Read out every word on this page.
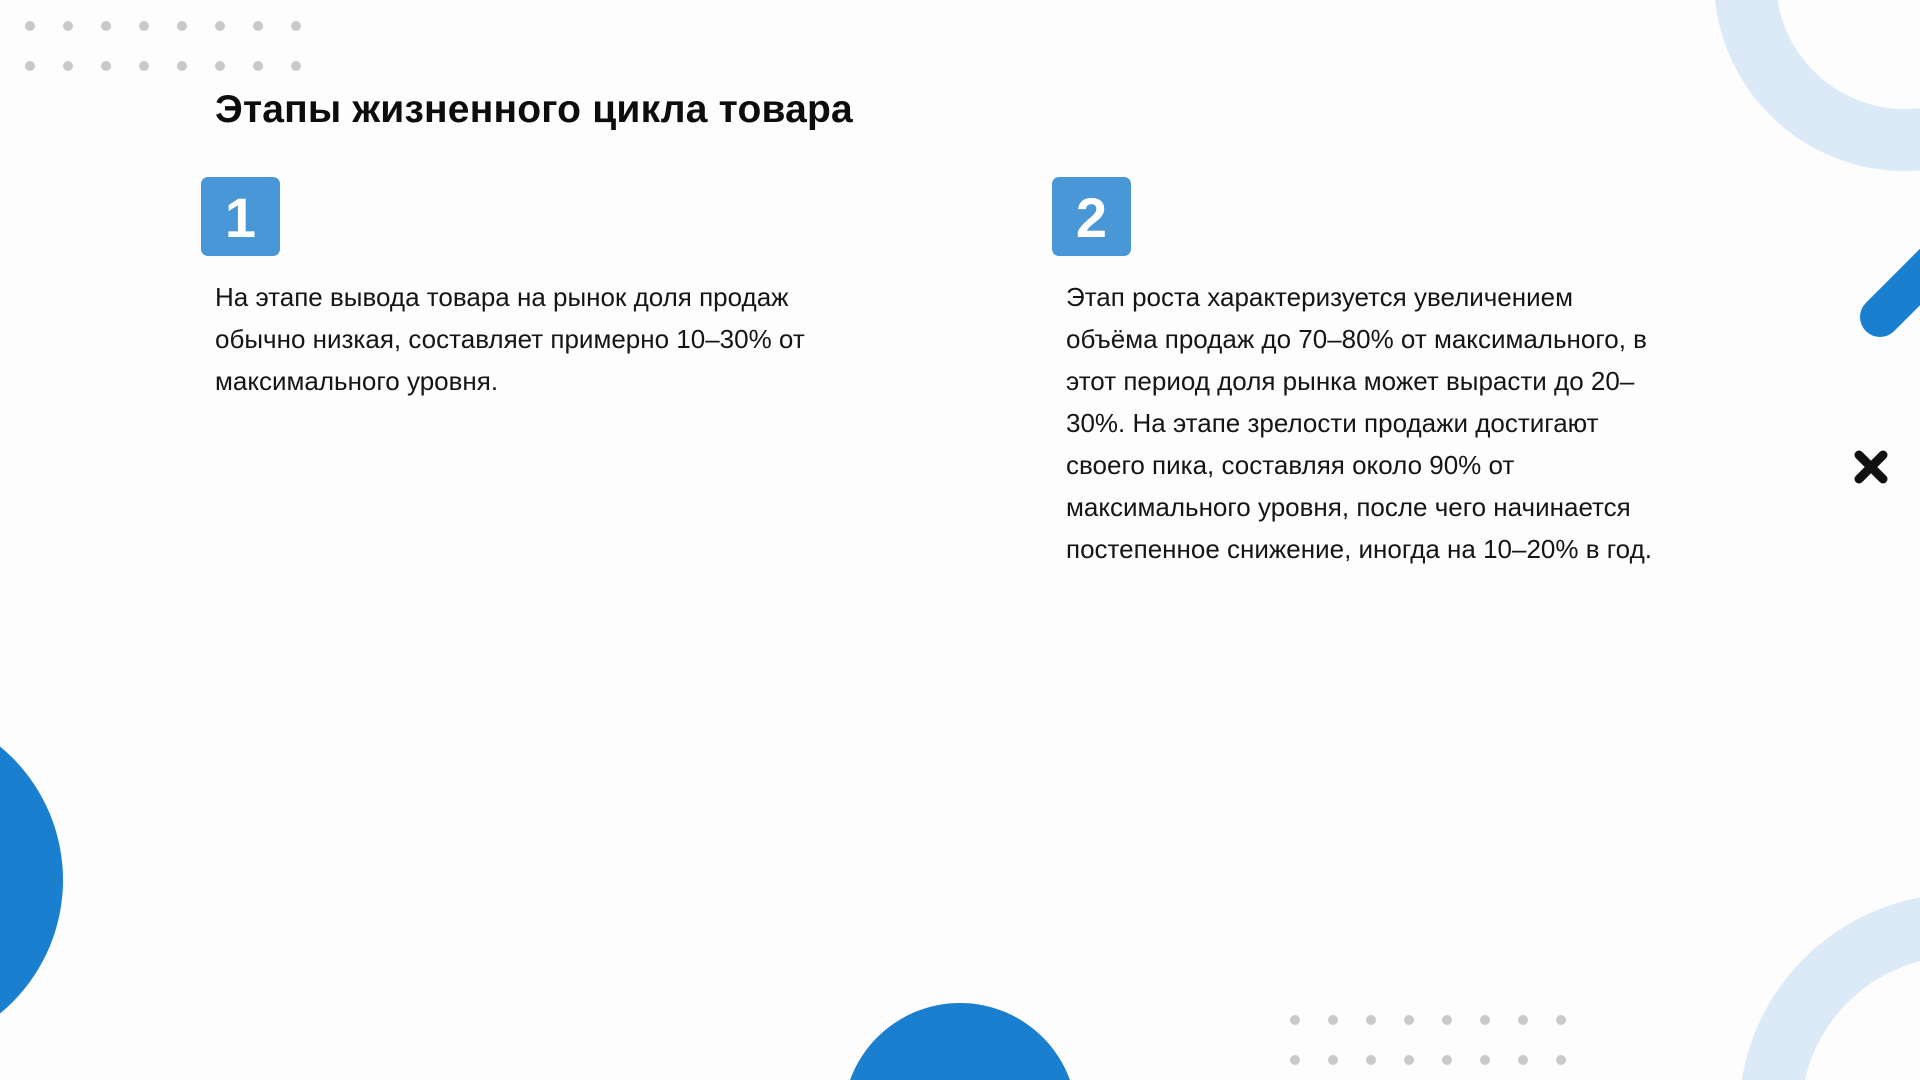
Этапы жизненного цикла товара
1
На этапе вывода товара на рынок доля продаж
обычно низкая, составляет примерно 10–30% от
максимального уровня.
2
Этап роста характеризуется увеличением
объёма продаж до 70–80% от максимального, в
этот период доля рынка может вырасти до 20–
30%. На этапе зрелости продажи достигают
своего пика, составляя около 90% от
максимального уровня, после чего начинается
постепенное снижение, иногда на 10–20% в год.
